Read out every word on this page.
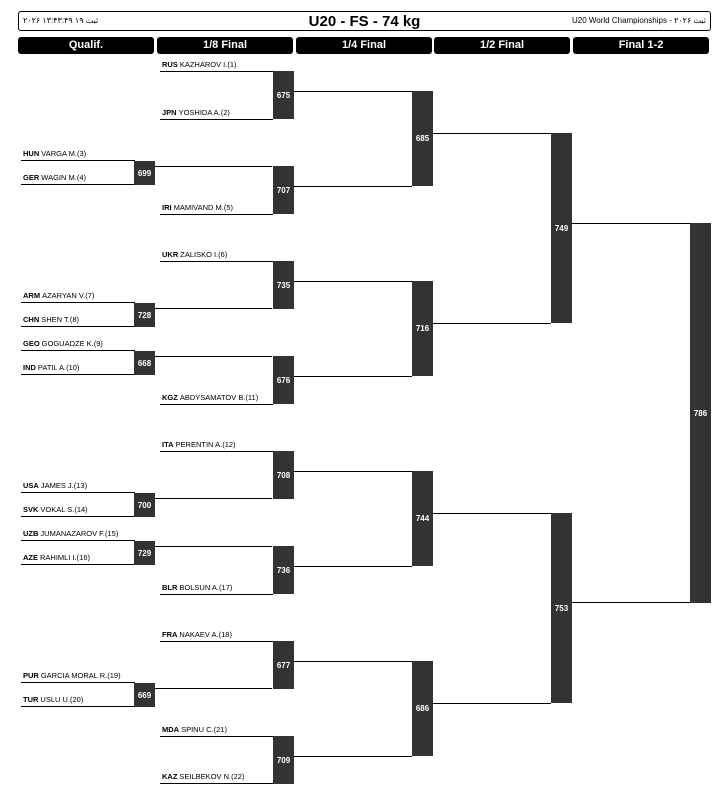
ثبت ۱۹ ۱۳:۴۳:۴۹ ۲۰۲۶	U20 - FS - 74 kg	U20 World Championships - ۲۰۲۶ ثبت
Qualif.	1/8 Final	1/4 Final	1/2 Final	Final 1-2
RUS KAZHAROV I.(1)
JPN YOSHIDA A.(2)
HUN VARGA M.(3)
GER WAGIN M.(4)
IRI MAMIVAND M.(5)
UKR ZALISKO I.(6)
ARM AZARYAN V.(7)
CHN SHEN T.(8)
GEO GOGUADZE K.(9)
IND PATIL A.(10)
KGZ ABDYSAMATOV B.(11)
ITA PERENTIN A.(12)
USA JAMES J.(13)
SVK VOKAL S.(14)
UZB JUMANAZAROV F.(15)
AZE RAHIMLI I.(16)
BLR BOLSUN A.(17)
FRA NAKAEV A.(18)
PUR GARCIA MORAL R.(19)
TUR USLU U.(20)
MDA SPINU C.(21)
KAZ SEILBEKOV N.(22)
699
728
668
700
729
669
675
707
735
676
708
736
677
709
685
716
744
686
749
753
786
